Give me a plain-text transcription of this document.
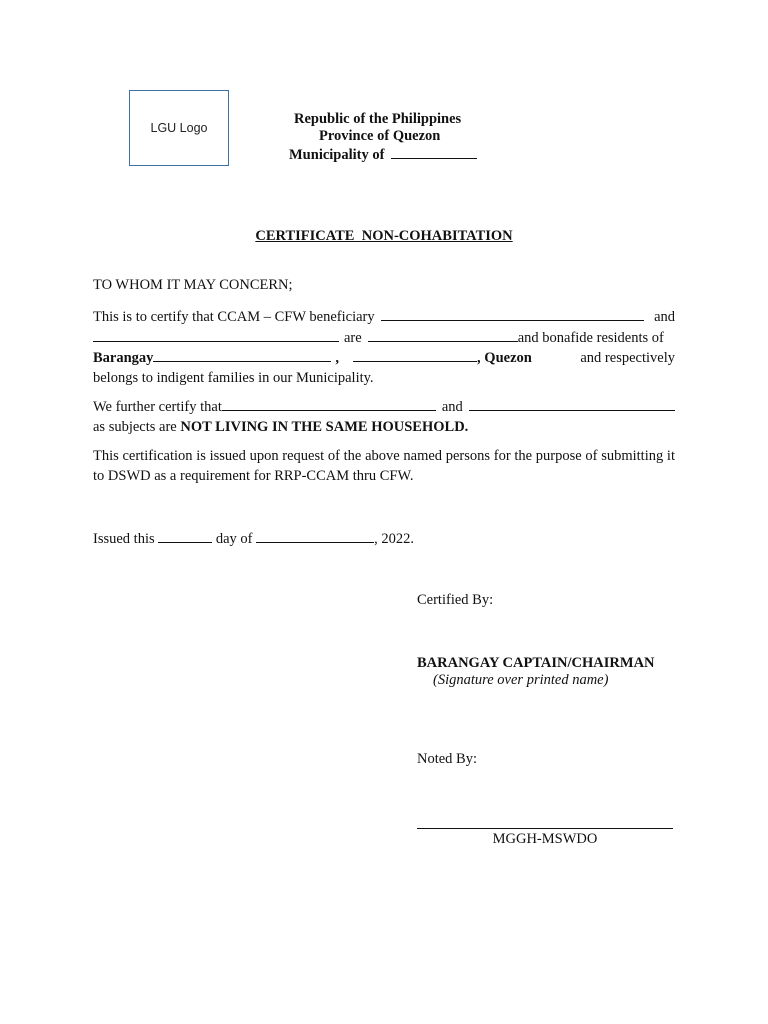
LGU Logo
Republic of the Philippines
Province of Quezon
Municipality of
CERTIFICATE  NON-COHABITATION
TO WHOM IT MAY CONCERN;
This is to certify that CCAM – CFW beneficiary	and
are	and bonafide residents of
Barangay	,	, Quezon	and respectively
belongs to indigent families in our Municipality.
We further certify that	and
as subjects are NOT LIVING IN THE SAME HOUSEHOLD.
This certification is issued upon request of the above named persons for the purpose of submitting it to DSWD as a requirement for RRP-CCAM thru CFW.
Issued this	day of	, 2022.
Certified By:
BARANGAY CAPTAIN/CHAIRMAN
(Signature over printed name)
Noted By:
MGGH-MSWDO
